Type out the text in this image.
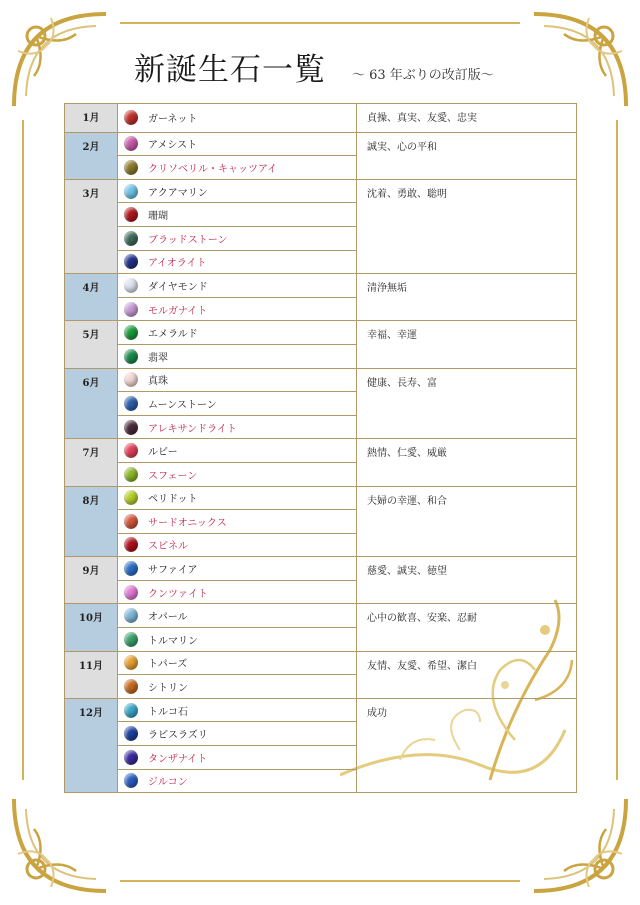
新誕生石一覧 ～ 63 年ぶりの改訂版～
1月	ガーネット	貞操、真実、友愛、忠実
2月	アメシスト	誠実、心の平和
	クリソベリル・キャッツアイ	
3月	アクアマリン	沈着、勇敢、聡明
	珊瑚	
	ブラッドストーン	
	アイオライト	
4月	ダイヤモンド	清浄無垢
	モルガナイト	
5月	エメラルド	幸福、幸運
	翡翠	
6月	真珠	健康、長寿、富
	ムーンストーン	
	アレキサンドライト	
7月	ルビー	熱情、仁愛、威厳
	スフェーン	
8月	ペリドット	夫婦の幸運、和合
	サードオニックス	
	スピネル	
9月	サファイア	慈愛、誠実、徳望
	クンツァイト	
10月	オパール	心中の歓喜、安楽、忍耐
	トルマリン	
11月	トパーズ	友情、友愛、希望、潔白
	シトリン	
12月	トルコ石	成功
	ラピスラズリ	
	タンザナイト	
	ジルコン	
